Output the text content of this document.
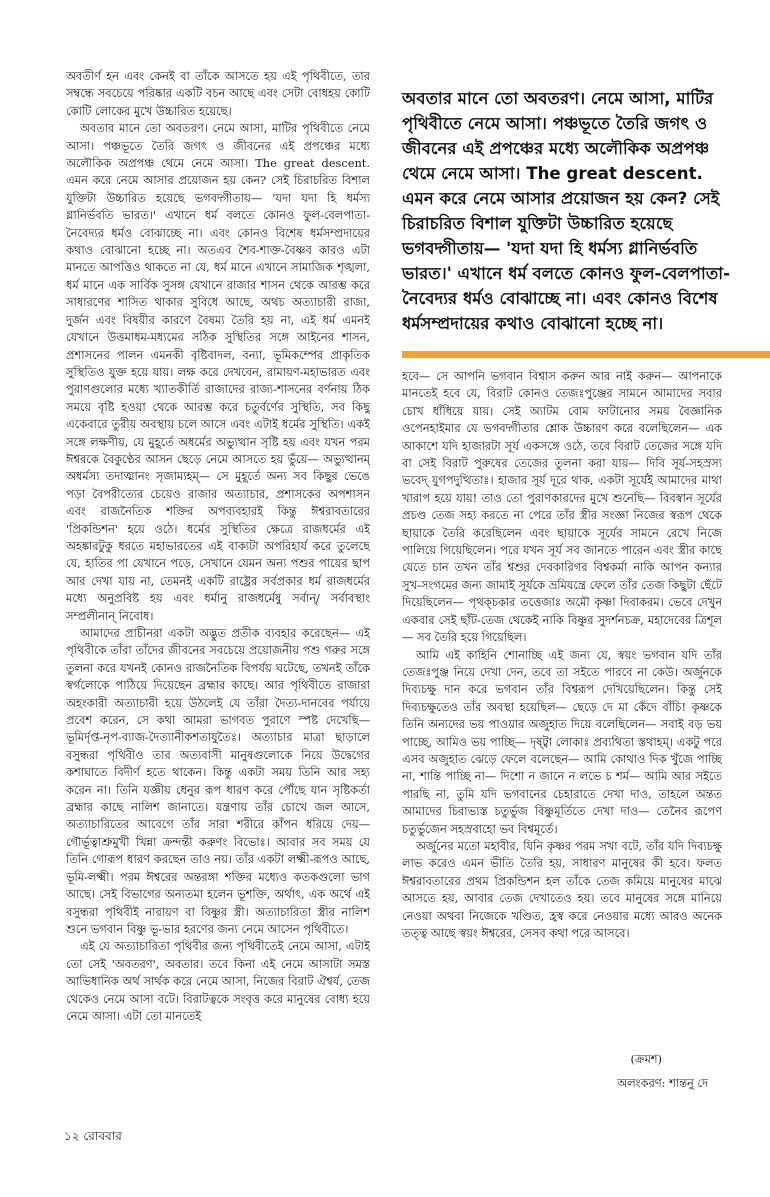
অবতীর্ণ হন এবং কেনই বা তাঁকে আসতে হয় এই পৃথিবীতে, তার সম্বন্ধে সবচেয়ে পরিষ্কার একটি বচন আছে এবং সেটা বোধহয় কোটি কোটি লোকের মুখে উচ্চারিত হয়েছে।

অবতার মানে তো অবতরণ। নেমে আসা, মাটির পৃথিবীতে নেমে আসা। পঞ্চভূতে তৈরি জগৎ ও জীবনের এই প্রপঞ্চের মধ্যে অলৌকিক অপ্রপঞ্চ থেমে নেমে আসা। The great descent. এমন করে নেমে আসার প্রয়োজন হয় কেন? সেই চিরাচরিত বিশাল যুক্তিটা উচ্চারিত হয়েছে ভগবদ্গীতায়— 'যদা যদা হি ধর্মস্য গ্লানির্ভবতি ভারত।' এখানে ধর্ম বলতে কোনও ফুল-বেলপাতা-নৈবেদ্যর ধর্মও বোঝাচ্ছে না। এবং কোনও বিশেষ ধর্মসম্প্রদায়ের কথাও বোঝানো হচ্ছে না। অতএব শৈব-শাক্ত-বৈষ্ণব কারও এটা মানতে আপত্তিও থাকতে না যে, ধর্ম মানে এখানে সামাজিক শৃঙ্খলা, ধর্ম মানে এক সার্বিক সুসঙ্গ যেখানে রাজার শাসন থেকে আরম্ভ করে সাধারণের শাসিত থাকার সুবিধে আছে, অথচ অত্যাচারী রাজা, দুর্জন এবং বিষয়ীর কারণে বৈষম্য তৈরি হয় না, এই ধর্ম এমনই যেখানে উত্তমাধম-মধ্যমের সঠিক সুস্থিতির সঙ্গে আইনের শাসন, প্রশাসনের পালন এমনকী বৃষ্টিবাদল, বন্যা, ভূমিকম্পের প্রাকৃতিক সুস্থিতিও যুক্ত হয়ে যায়। লক্ষ করে দেখবেন, রামায়ণ-মহাভারত এবং পুরাণগুলোর মধ্যে খ্যাতকীর্তি রাজাদের রাজ্য-শাসনের বর্ণনায় ঠিক সময়ে বৃষ্টি হওয়া থেকে আরম্ভ করে চতুর্বর্ণের সুস্থিতি, সব কিছু একেবারে তুরীয় অবস্থায় চলে আসে এবং এটাই ধর্মের সুস্থিতি। একই সঙ্গে লক্ষণীয়, যে মুহূর্তে অধর্মের অভ্যুত্থান সৃষ্টি হয় এবং যখন পরম ঈশ্বরকে বৈকুণ্ঠের আসন ছেড়ে নেমে আসতে হয় ভুঁয়ে— অভ্যুত্থানম্ অধর্মস্য তদাত্মানং সৃজাম্যহম্— সে মুহূর্তে অন্য সব কিছুর ভেঙে পড়া বৈপরীত্যের চেয়েও রাজার অত্যাচার, প্রশাসকের অপশাসন এবং রাজনৈতিক শক্তির অপব্যবহারই কিন্তু ঈশ্বরাবতারের 'প্রিকন্ডিশন' হয়ে ওঠে। ধর্মের সুস্থিতির ক্ষেত্রে রাজধর্মের এই অহঙ্কারটুকু ধরতে মহাভারতের এই বাক্যটা অপরিহার্য করে তুলেছে যে, হাতির পা যেখানে পড়ে, সেখানে যেমন অন্য পশুর পায়ের ছাপ আর দেখা যায় না, তেমনই একটি রাষ্ট্রের সর্বপ্রকার ধর্ম রাজধর্মের মধ্যে অনুপ্রবিষ্ট হয় এবং ধর্মানু রাজধর্মেষু সর্বান্/ সর্বাবস্থাং সম্প্রলীনান্ নিবোধ।

আমাদের প্রাচীনরা একটা অদ্ভুত প্রতীক ব্যবহার করেছেন— এই পৃথিবীকে তাঁরা তাঁদের জীবনের সবচেয়ে প্রয়োজনীয় পশু গরুর সঙ্গে তুলনা করে যখনই কোনও রাজনৈতিক বিপর্যয় ঘটেছে, তখনই তাঁকে স্বর্গলোকে পাঠিয়ে দিয়েছেন ব্রহ্মার কাছে। আর পৃথিবীতে রাজারা অহংকারী অত্যাচারী হয়ে উঠলেই যে তাঁরা দৈত্য-দানবের পর্যায়ে প্রবেশ করেন, সে কথা আমরা ভাগবত পুরাণে স্পষ্ট দেখেছি— ভূমির্দৃপ্ত-নৃপ-ব্যাজ-দৈত্যানীকশতাযুতৈঃ। অত্যাচার মাত্রা ছাড়ালে বসুন্ধরা পৃথিবীও তার অত্যবাসী মানুষগুলোকে নিয়ে উদ্বেগের কশাঘাতে বিদীর্ণ হতে থাকেন। কিন্তু একটা সময় তিনি আর সহ্য করেন না। তিনি যজ্ঞীয় ধেনুর রূপ ধারণ করে পৌঁছে যান সৃষ্টিকর্তা ব্রহ্মার কাছে নালিশ জানাতে। যন্ত্রণায় তাঁর চোখে জল আসে, অত্যাচারিতের আবেগে তাঁর সারা শরীরে কাঁপন ধরিয়ে দেয়— গৌর্ভূত্বাশ্রুমুখী খিন্না ক্রন্দন্তী করুণং বিভোঃ। আবার সব সময় যে তিনি গোরূপ ধারণ করছেন তাও নয়। তাঁর একটা লক্ষ্মী-রূপও আছে, ভূমি-লক্ষ্মী। পরম ঈশ্বরের অন্তরঙ্গা শক্তির মধ্যেও কতকগুলো ভাগ আছে। সেই বিভাগের অন্যতমা হলেন ভূশক্তি, অর্থাৎ, এক অর্থে এই বসুন্ধরা পৃথিবীই নারায়ণ বা বিষ্ণুর স্ত্রী। অত্যাচারিতা স্ত্রীর নালিশ শুনে ভগবান বিষ্ণু ভূ-ভার হরণের জন্য নেমে আসেন পৃথিবীতে।

এই যে অত্যাচারিতা পৃথিবীর জন্য পৃথিবীতেই নেমে আসা, এটাই তো সেই 'অবতরণ', অবতার। তবে কিনা এই নেমে আসাটা সমস্ত আভিধানিক অর্থ সার্থক করে নেমে আসা, নিজের বিরাট ঐশ্বর্য, তেজ থেকেও নেমে আসা বটে। বিরাটত্বকে সংবৃত্ত করে মানুষের বোধ্য হয়ে নেমে আসা। এটা তো মানতেই

অবতার মানে তো অবতরণ। নেমে আসা, মাটির পৃথিবীতে নেমে আসা। পঞ্চভূতে তৈরি জগৎ ও জীবনের এই প্রপঞ্চের মধ্যে অলৌকিক অপ্রপঞ্চ থেমে নেমে আসা। The great descent. এমন করে নেমে আসার প্রয়োজন হয় কেন? সেই চিরাচরিত বিশাল যুক্তিটা উচ্চারিত হয়েছে ভগবদ্গীতায়— 'যদা যদা হি ধর্মস্য গ্লানির্ভবতি ভারত।' এখানে ধর্ম বলতে কোনও ফুল-বেলপাতা-নৈবেদ্যর ধর্মও বোঝাচ্ছে না। এবং কোনও বিশেষ ধর্মসম্প্রদায়ের কথাও বোঝানো হচ্ছে না।

হবে— সে আপনি ভগবান বিশ্বাস করুন আর নাই করুন— আপনাকে মানতেই হবে যে, বিরাট কোনও তেজঃপুঞ্জের সামনে আমাদের সবার চোখ ধাঁধিয়ে যায়। সেই অ্যাটম বোম ফাটানোর সময় বৈজ্ঞানিক ওপেনহাইমার যে ভগবদ্গীতার শ্লোক উচ্চারণ করে বলেছিলেন— এক আকাশে যদি হাজারটা সূর্য একসঙ্গে ওঠে, তবে বিরাট তেজের সঙ্গে যদি বা সেই বিরাট পুরুষের তেজের তুলনা করা যায়— দিবি সূর্য-সহস্রস্য ভবেদ্ যুগপদুত্থিতাঃ। হাজার সূর্য দূরে থাক, একটা সূর্যেই আমাদের মাথা খারাপ হয়ে যায়! তাও তো পুরাণকারদের মুখে শুনেছি— বিবস্বান সূর্যের প্রচণ্ড তেজ সহ্য করতে না পেরে তাঁর স্ত্রীর সংজ্ঞা নিজের স্বরূপ থেকে ছায়াকে তৈরি করেছিলেন এবং ছায়াকে সূর্যের সামনে রেখে নিজে পালিয়ে গিয়েছিলেন। পরে যখন সূর্য সব জানতে পারেন এবং স্ত্রীর কাছে যেতে চান তখন তাঁর শ্বশুর দেবকারিগর বিশ্বকর্মা নাকি আপন কন্যার সুখ-সংগমের জন্য জামাই সূর্যকে ভ্রমিযন্ত্রে ফেলে তাঁর তেজ কিছুটা ছেঁটে দিয়েছিলেন— পৃথক্চকার তত্তেজাঃ অমৌ কৃষ্ণা দিবাকরম। ভেবে দেখুন একবার সেই ছাঁট-তেজ থেকেই নাকি বিষ্ণুর সুদর্শনচক্র, মহাদেবের ত্রিশূল— সব তৈরি হয়ে গিয়েছিল।

আমি এই কাহিনি শোনাচ্ছি এই জন্য যে, স্বয়ং ভগবান যদি তাঁর তেজঃপুঞ্জ নিয়ে দেখা দেন, তবে তা সইতে পারবে না কেউ। অর্জুনকে দিব্যচক্ষু দান করে ভগবান তাঁর বিশ্বরূপ দেখিয়েছিলেন। কিন্তু সেই দিব্যচক্ষুতেও তাঁর অবস্থা হয়েছিল— ছেড়ে দে মা কেঁদে বাঁচি! কৃষ্ণকে তিনি অন্যদের ভয় পাওয়ার অজুহাত দিয়ে বলেছিলেন— সবাই বড় ভয় পাচ্ছে, আমিও ভয় পাচ্ছি— দৃষ্ট্বা লোকাঃ প্রব্যথিতা স্তথাহম্। একটু পরে এসব অজুহাত ঝেড়ে ফেলে বলেছেন— আমি কোথাও দিক খুঁজে পাচ্ছি না, শান্তি পাচ্ছি না— দিশো ন জানে ন লভে চ শর্ম— আমি আর সইতে পারছি না, তুমি যদি ভগবানের চেহারাতে দেখা দাও, তাহলে অন্তত আমাদের চিরাভ্যস্ত চতুর্ভুজ বিষ্ণুমূর্তিতে দেখা দাও— তেনৈব রূপেণ চতুর্ভুজেন সহস্রবাহো ভব বিশ্বমূর্তে।

অর্জুনের মতো মহাবীর, যিনি কৃষ্ণর পরম সখা বটে, তাঁর যদি দিব্যচক্ষু লাভ করেও এমন ভীতি তৈরি হয়, সাধারণ মানুষের কী হবে। ফলত ঈশ্বরাবতারের প্রথম প্রিকন্ডিশন হল তাঁকে তেজ কমিয়ে মানুষের মাঝে আসতে হয়, আবার তেজ দেখাতেও হয়। তবে মানুষের সঙ্গে মানিয়ে নেওয়া অথবা নিজেকে খণ্ডিত, হ্রস্ব করে নেওয়ার মধ্যে আরও অনেক তত্ত্ব আছে স্বয়ং ঈশ্বরের, সেসব কথা পরে আসবে।

(ক্রমশ)
অলংকরণ: শান্তনু দে
১২ রোববার
